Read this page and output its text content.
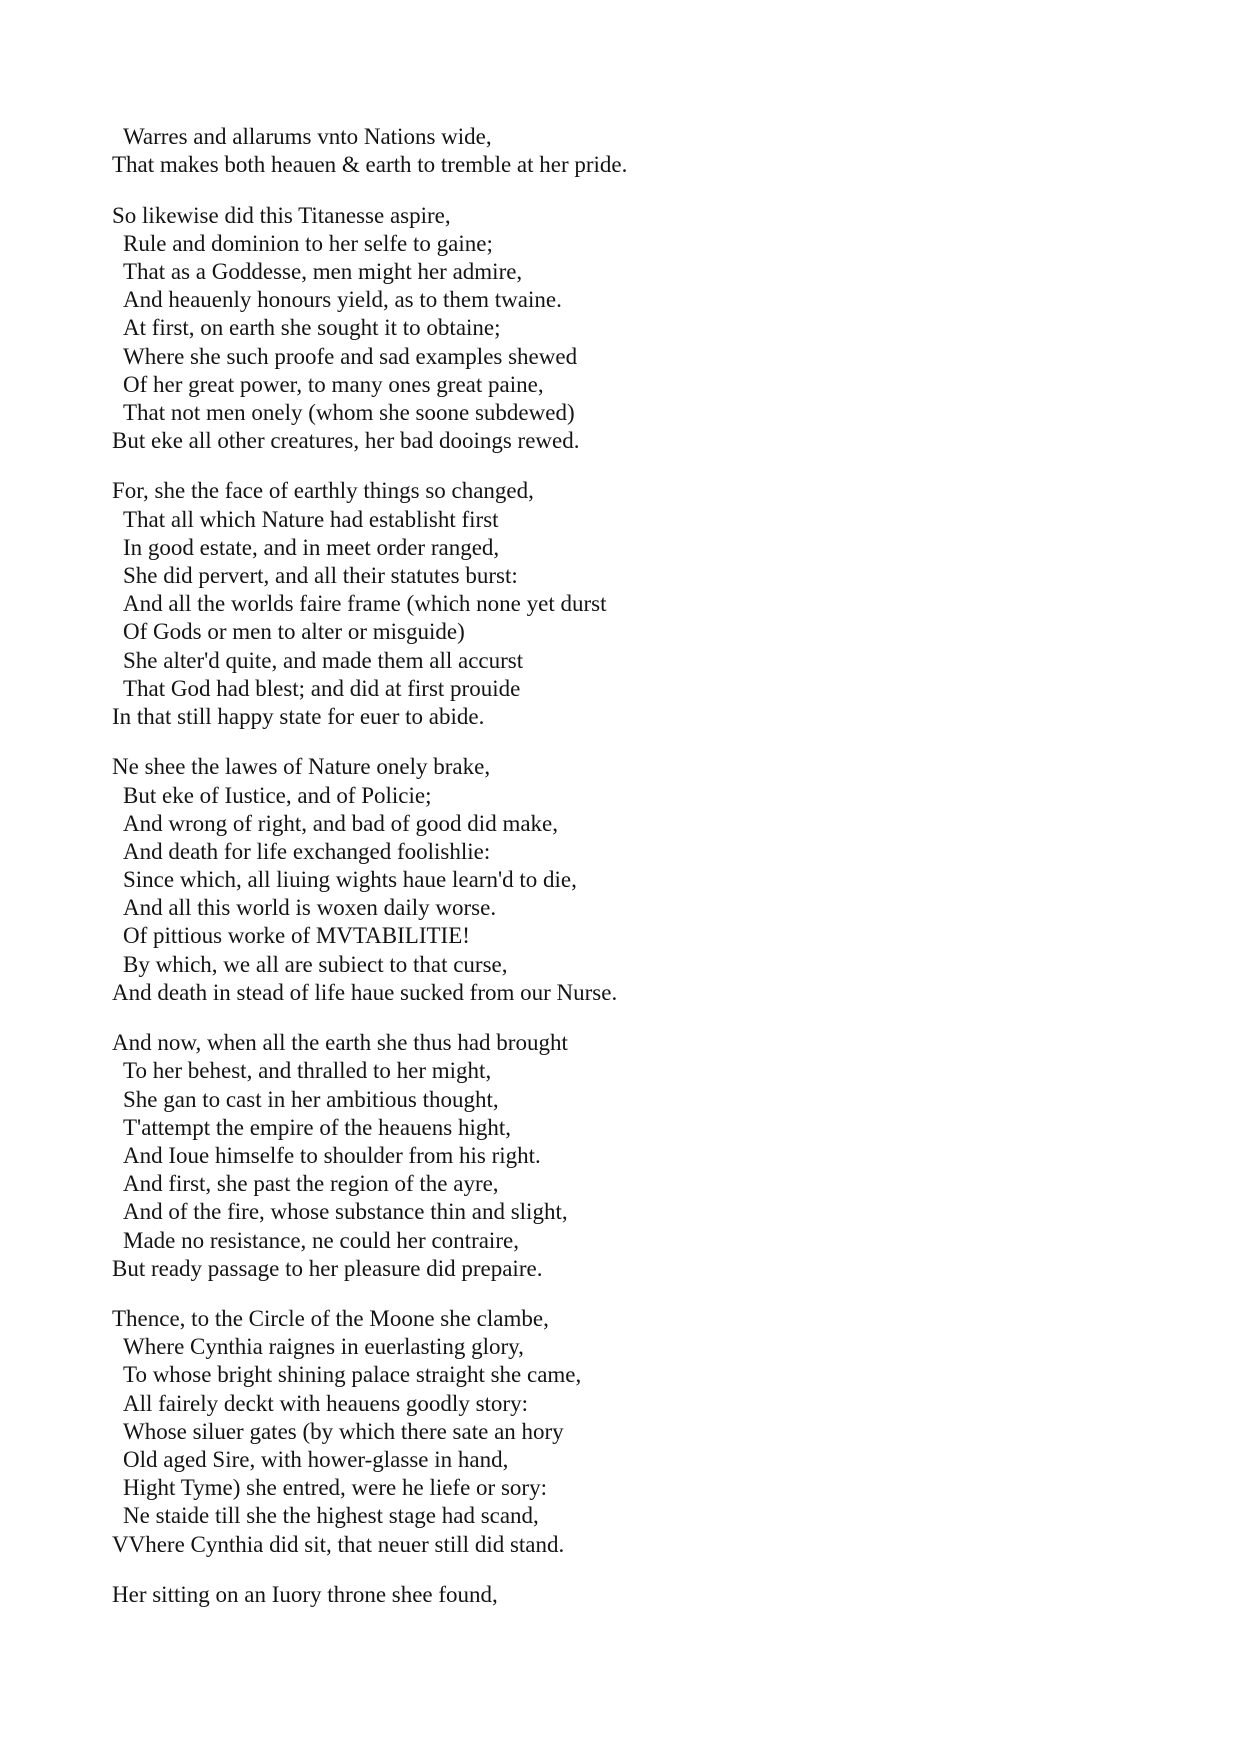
Warres and allarums vnto Nations wide,
That makes both heauen & earth to tremble at her pride.
So likewise did this Titanesse aspire,
Rule and dominion to her selfe to gaine;
That as a Goddesse, men might her admire,
And heauenly honours yield, as to them twaine.
At first, on earth she sought it to obtaine;
Where she such proofe and sad examples shewed
Of her great power, to many ones great paine,
That not men onely (whom she soone subdewed)
But eke all other creatures, her bad dooings rewed.
For, she the face of earthly things so changed,
That all which Nature had establisht first
In good estate, and in meet order ranged,
She did pervert, and all their statutes burst:
And all the worlds faire frame (which none yet durst
Of Gods or men to alter or misguide)
She alter'd quite, and made them all accurst
That God had blest; and did at first prouide
In that still happy state for euer to abide.
Ne shee the lawes of Nature onely brake,
But eke of Iustice, and of Policie;
And wrong of right, and bad of good did make,
And death for life exchanged foolishlie:
Since which, all liuing wights haue learn'd to die,
And all this world is woxen daily worse.
Of pittious worke of MVTABILITIE!
By which, we all are subiect to that curse,
And death in stead of life haue sucked from our Nurse.
And now, when all the earth she thus had brought
To her behest, and thralled to her might,
She gan to cast in her ambitious thought,
T'attempt the empire of the heauens hight,
And Ioue himselfe to shoulder from his right.
And first, she past the region of the ayre,
And of the fire, whose substance thin and slight,
Made no resistance, ne could her contraire,
But ready passage to her pleasure did prepaire.
Thence, to the Circle of the Moone she clambe,
Where Cynthia raignes in euerlasting glory,
To whose bright shining palace straight she came,
All fairely deckt with heauens goodly story:
Whose siluer gates (by which there sate an hory
Old aged Sire, with hower-glasse in hand,
Hight Tyme) she entred, were he liefe or sory:
Ne staide till she the highest stage had scand,
VVhere Cynthia did sit, that neuer still did stand.
Her sitting on an Iuory throne shee found,
